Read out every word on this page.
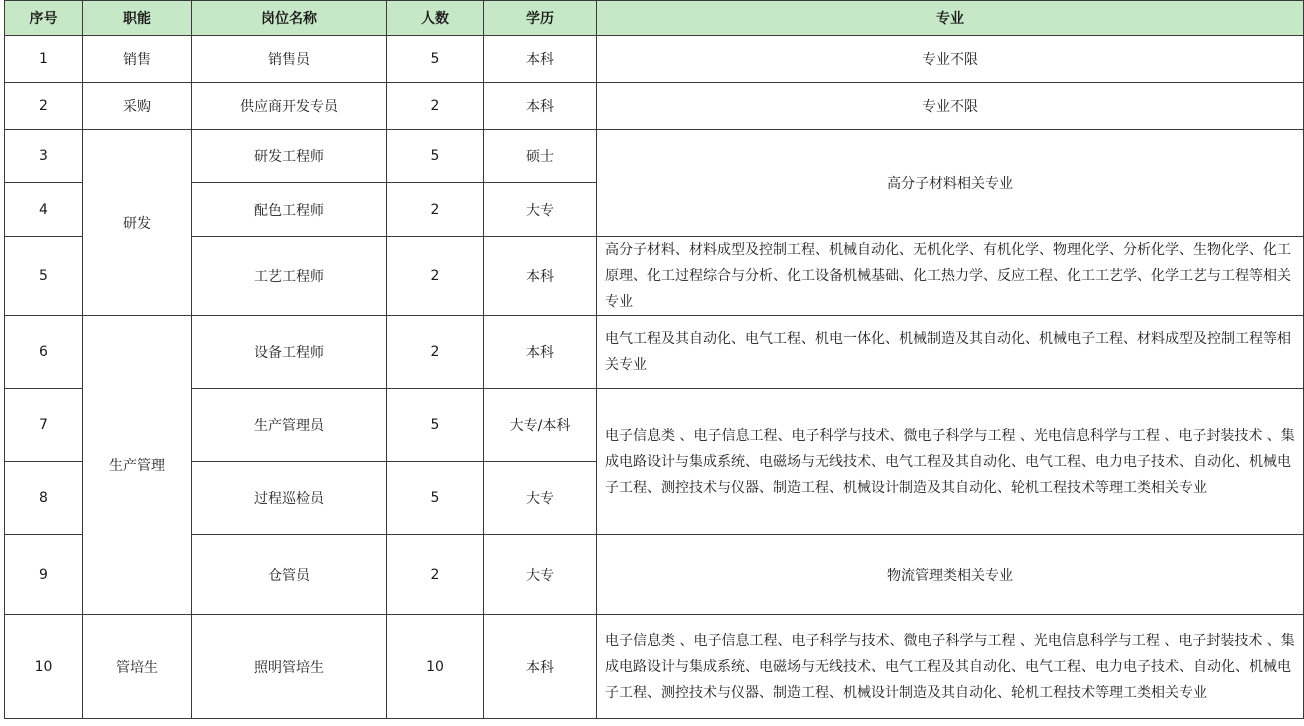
序号	职能	岗位名称	人数	学历	专业
1	销售	销售员	5	本科	专业不限
2	采购	供应商开发专员	2	本科	专业不限
3	研发	研发工程师	5	硕士	高分子材料相关专业
4		配色工程师	2	大专	
5		工艺工程师	2	本科	高分子材料、材料成型及控制工程、机械自动化、无机化学、有机化学、物理化学、分析化学、生物化学、化工原理、化工过程综合与分析、化工设备机械基础、化工热力学、反应工程、化工工艺学、化学工艺与工程等相关专业
6	生产管理	设备工程师	2	本科	电气工程及其自动化、电气工程、机电一体化、机械制造及其自动化、机械电子工程、材料成型及控制工程等相关专业
7		生产管理员	5	大专/本科	电子信息类 、电子信息工程、电子科学与技术、微电子科学与工程 、光电信息科学与工程 、电子封装技术 、集成电路设计与集成系统、电磁场与无线技术、电气工程及其自动化、电气工程、电力电子技术、自动化、机械电子工程、测控技术与仪器、制造工程、机械设计制造及其自动化、轮机工程技术等理工类相关专业
8		过程巡检员	5	大专	
9		仓管员	2	大专	物流管理类相关专业
10	管培生	照明管培生	10	本科	电子信息类 、电子信息工程、电子科学与技术、微电子科学与工程 、光电信息科学与工程 、电子封装技术 、集成电路设计与集成系统、电磁场与无线技术、电气工程及其自动化、电气工程、电力电子技术、自动化、机械电子工程、测控技术与仪器、制造工程、机械设计制造及其自动化、轮机工程技术等理工类相关专业
